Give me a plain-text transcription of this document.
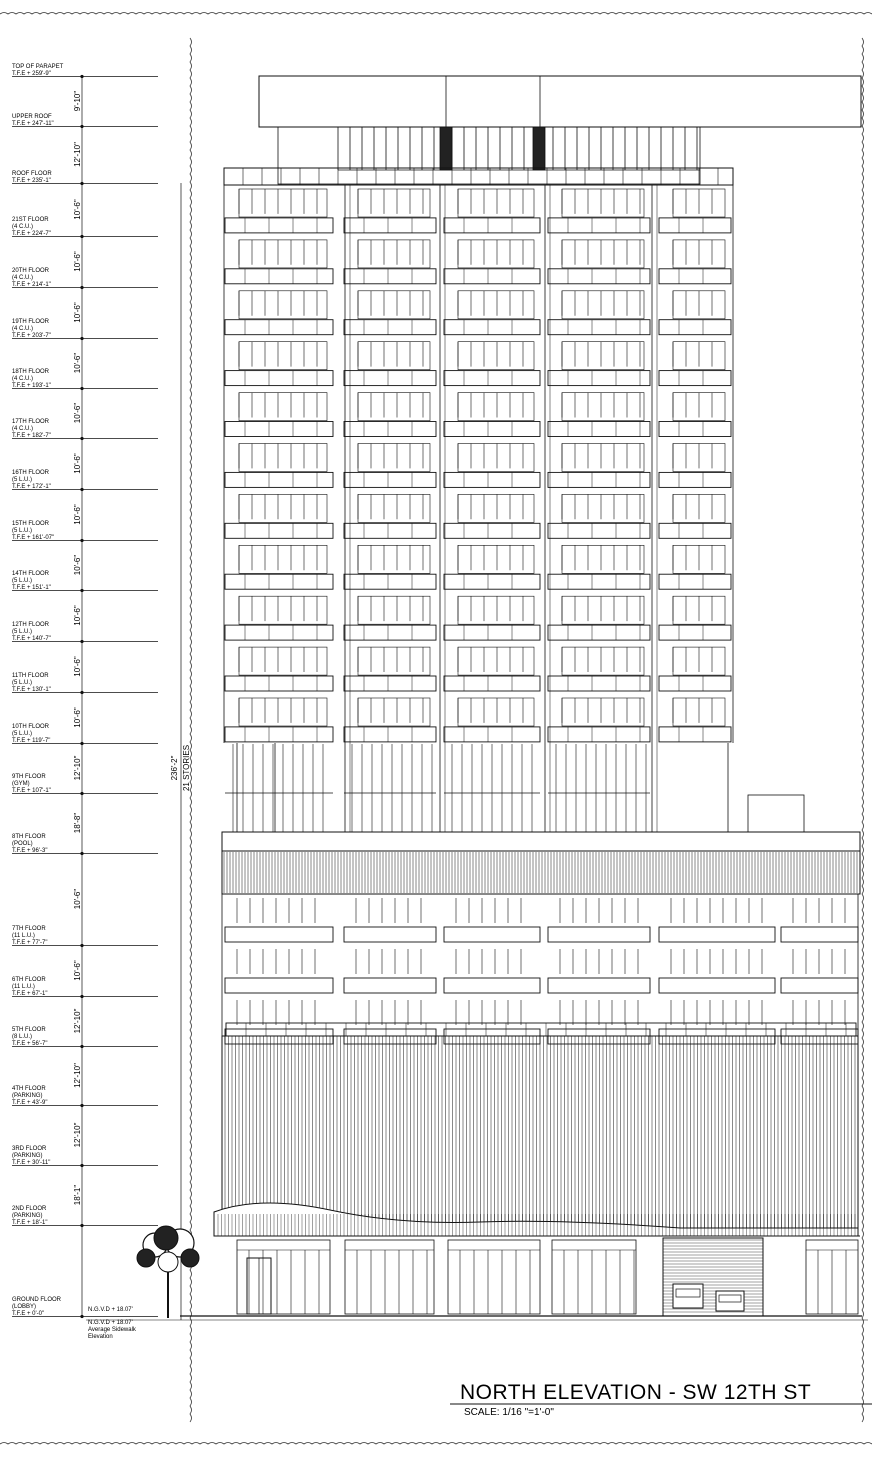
TOP OF PARAPET
T.F.E + 259'-9"
UPPER ROOF
T.F.E + 247'-11"
ROOF FLOOR
T.F.E + 235'-1"
21ST FLOOR
(4 C.U.)
T.F.E + 224'-7"
20TH FLOOR
(4 C.U.)
T.F.E + 214'-1"
19TH FLOOR
(4 C.U.)
T.F.E + 203'-7"
18TH FLOOR
(4 C.U.)
T.F.E + 193'-1"
17TH FLOOR
(4 C.U.)
T.F.E + 182'-7"
16TH FLOOR
(5 L.U.)
T.F.E + 172'-1"
15TH FLOOR
(5 L.U.)
T.F.E + 161'-07"
14TH FLOOR
(5 L.U.)
T.F.E + 151'-1"
12TH FLOOR
(5 L.U.)
T.F.E + 140'-7"
11TH FLOOR
(5 L.U.)
T.F.E + 130'-1"
10TH FLOOR
(5 L.U.)
T.F.E + 119'-7"
9TH FLOOR
(GYM)
T.F.E + 107'-1"
8TH FLOOR
(POOL)
T.F.E + 96'-3"
7TH FLOOR
(11 L.U.)
T.F.E + 77'-7"
6TH FLOOR
(11 L.U.)
T.F.E + 67'-1"
5TH FLOOR
(8 L.U.)
T.F.E + 56'-7"
4TH FLOOR
(PARKING)
T.F.E + 43'-9"
3RD FLOOR
(PARKING)
T.F.E + 30'-11"
2ND FLOOR
(PARKING)
T.F.E + 18'-1"
GROUND FLOOR
(LOBBY)
T.F.E + 0'-0"
9'-10"
12'-10"
10'-6"
10'-6"
10'-6"
10'-6"
10'-6"
10'-6"
10'-6"
10'-6"
10'-6"
10'-6"
10'-6"
12'-10"
18'-8"
10'-6"
10'-6"
12'-10"
12'-10"
12'-10"
18'-1"
236'-2" 21 STORIES
N.G.V.D + 18.07'
N.G.V.D + 18.07'
Average Sidewalk
Elevation
NORTH ELEVATION - SW 12TH ST
SCALE: 1/16 "=1'-0"
